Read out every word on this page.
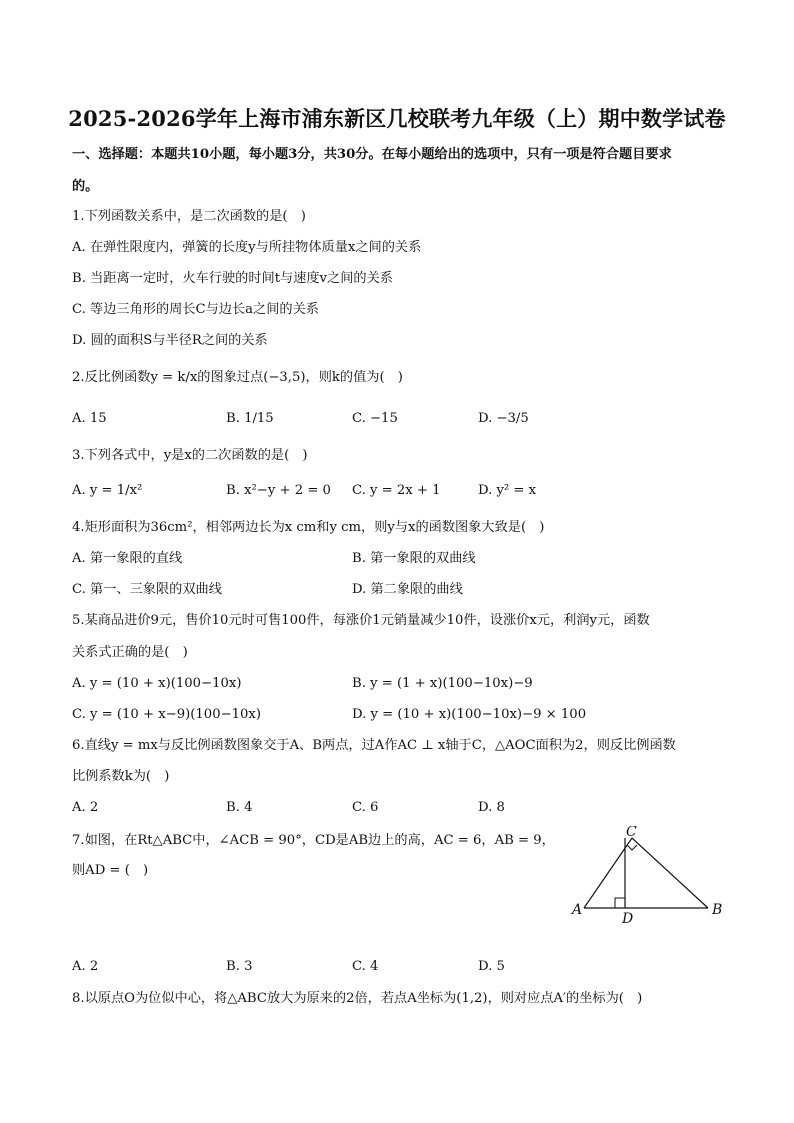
2025-2026学年上海市浦东新区几校联考九年级（上）期中数学试卷
一、选择题：本题共10小题，每小题3分，共30分。在每小题给出的选项中，只有一项是符合题目要求
的。
1.下列函数关系中，是二次函数的是(　)
A. 在弹性限度内，弹簧的长度y与所挂物体质量x之间的关系
B. 当距离一定时，火车行驶的时间t与速度v之间的关系
C. 等边三角形的周长C与边长a之间的关系
D. 圆的面积S与半径R之间的关系
2.反比例函数y = k/x的图象过点(−3,5)，则k的值为(　)
A. 15	B. 1/15	C. −15	D. −3/5
3.下列各式中，y是x的二次函数的是(　)
A. y = 1/x²	B. x²−y + 2 = 0 C. y = 2x + 1	D. y² = x
4.矩形面积为36cm²，相邻两边长为x cm和y cm，则y与x的函数图象大致是(　)
A. 第一象限的直线	B. 第一象限的双曲线
C. 第一、三象限的双曲线	D. 第二象限的曲线
5.某商品进价9元，售价10元时可售100件，每涨价1元销量减少10件，设涨价x元，利润y元，函数
关系式正确的是(　)
A. y = (10 + x)(100−10x)	B. y = (1 + x)(100−10x)−9
C. y = (10 + x−9)(100−10x)	D. y = (10 + x)(100−10x)−9 × 100
6.直线y = mx与反比例函数图象交于A、B两点，过A作AC ⊥ x轴于C，△AOC面积为2，则反比例函数
比例系数k为(　)
A. 2	B. 4	C. 6	D. 8
7.如图，在Rt△ABC中，∠ACB = 90°，CD是AB边上的高，AC = 6，AB = 9，
则AD = (　)
C
A	B
D
A. 2	B. 3	C. 4	D. 5
8.以原点O为位似中心，将△ABC放大为原来的2倍，若点A坐标为(1,2)，则对应点A′的坐标为(　)
